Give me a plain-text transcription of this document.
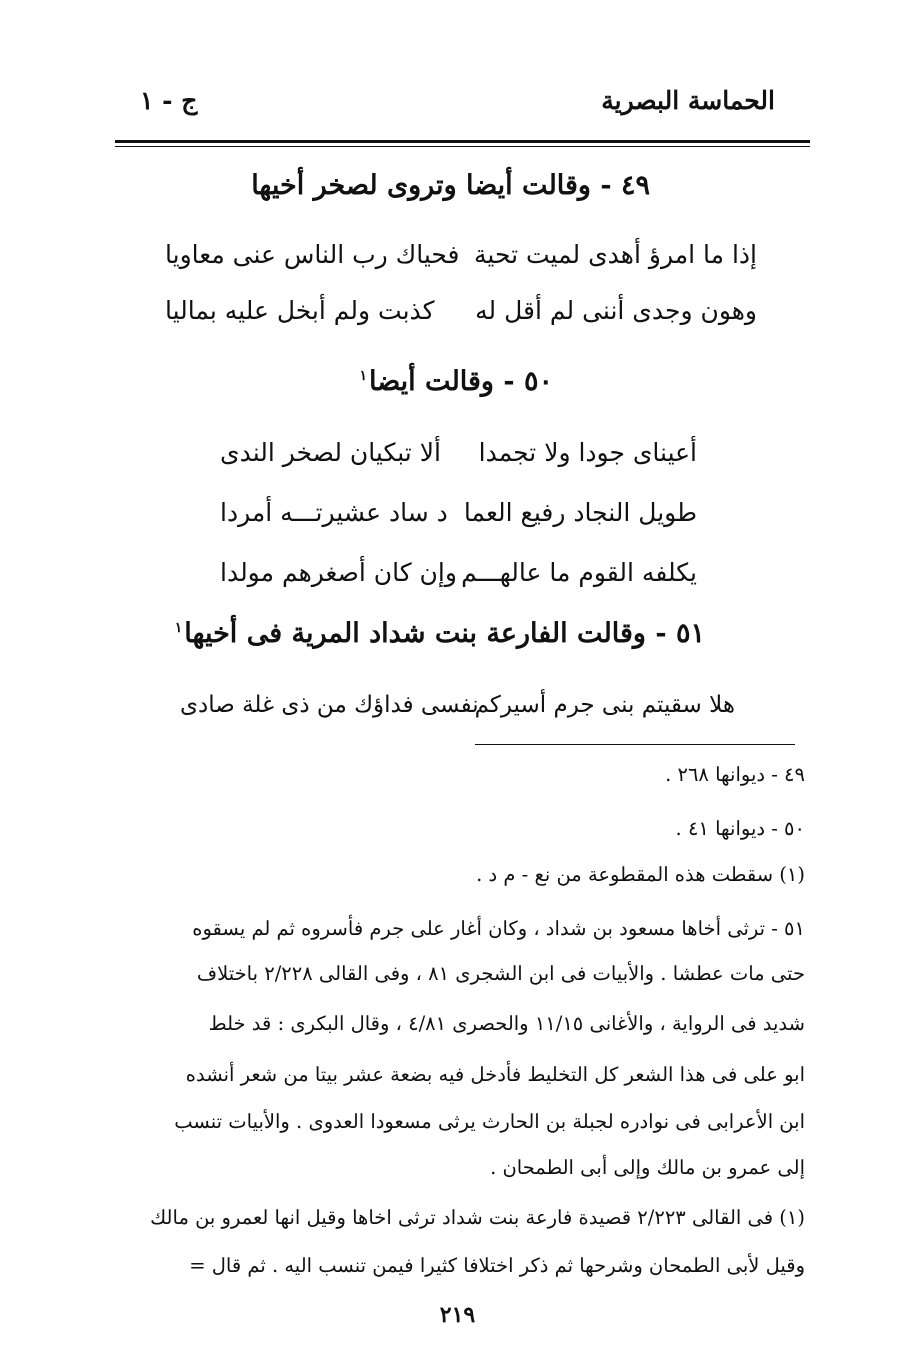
الحماسة البصرية
ج - ١
٤٩ - وقالت أيضا وتروى لصخر أخيها
إذا ما امرؤ أهدى لميت تحية
فحياك رب الناس عنى معاويا
وهون وجدى أننى لم أقل له
كذبت ولم أبخل عليه بماليا
٥٠ - وقالت أيضا$^١$
أعيناى جودا ولا تجمدا
ألا تبكيان لصخر الندى
طويل النجاد رفيع العما
د ساد عشيرتـــه أمردا
يكلفه القوم ما عالهـــم
وإن كان أصغرهم مولدا
٥١ - وقالت الفارعة بنت شداد المرية فى أخيها$^١$
هلا سقيتم بنى جرم أسيركم
نفسى فداؤك من ذى غلة صادى
٤٩ - ديوانها ٢٦٨ .
٥٠ - ديوانها ٤١ .
(١) سقطت هذه المقطوعة من نع - م د .
٥١ - ترثى أخاها مسعود بن شداد ، وكان أغار على جرم فأسروه ثم لم يسقوه
حتى مات عطشا . والأبيات فى ابن الشجرى ٨١ ، وفى القالى ٢/٢٢٨ باختلاف
شديد فى الرواية ، والأغانى ١١/١٥ والحصرى ٤/٨١ ، وقال البكرى : قد خلط
ابو على فى هذا الشعر كل التخليط فأدخل فيه بضعة عشر بيتا من شعر أنشده
ابن الأعرابى فى نوادره لجبلة بن الحارث يرثى مسعودا العدوى . والأبيات تنسب
إلى عمرو بن مالك وإلى أبى الطمحان .
(١) فى القالى ٢/٢٢٣ قصيدة فارعة بنت شداد ترثى اخاها وقيل انها لعمرو بن مالك
وقيل لأبى الطمحان وشرحها ثم ذكر اختلافا كثيرا فيمن تنسب اليه . ثم قال =
٢١٩
